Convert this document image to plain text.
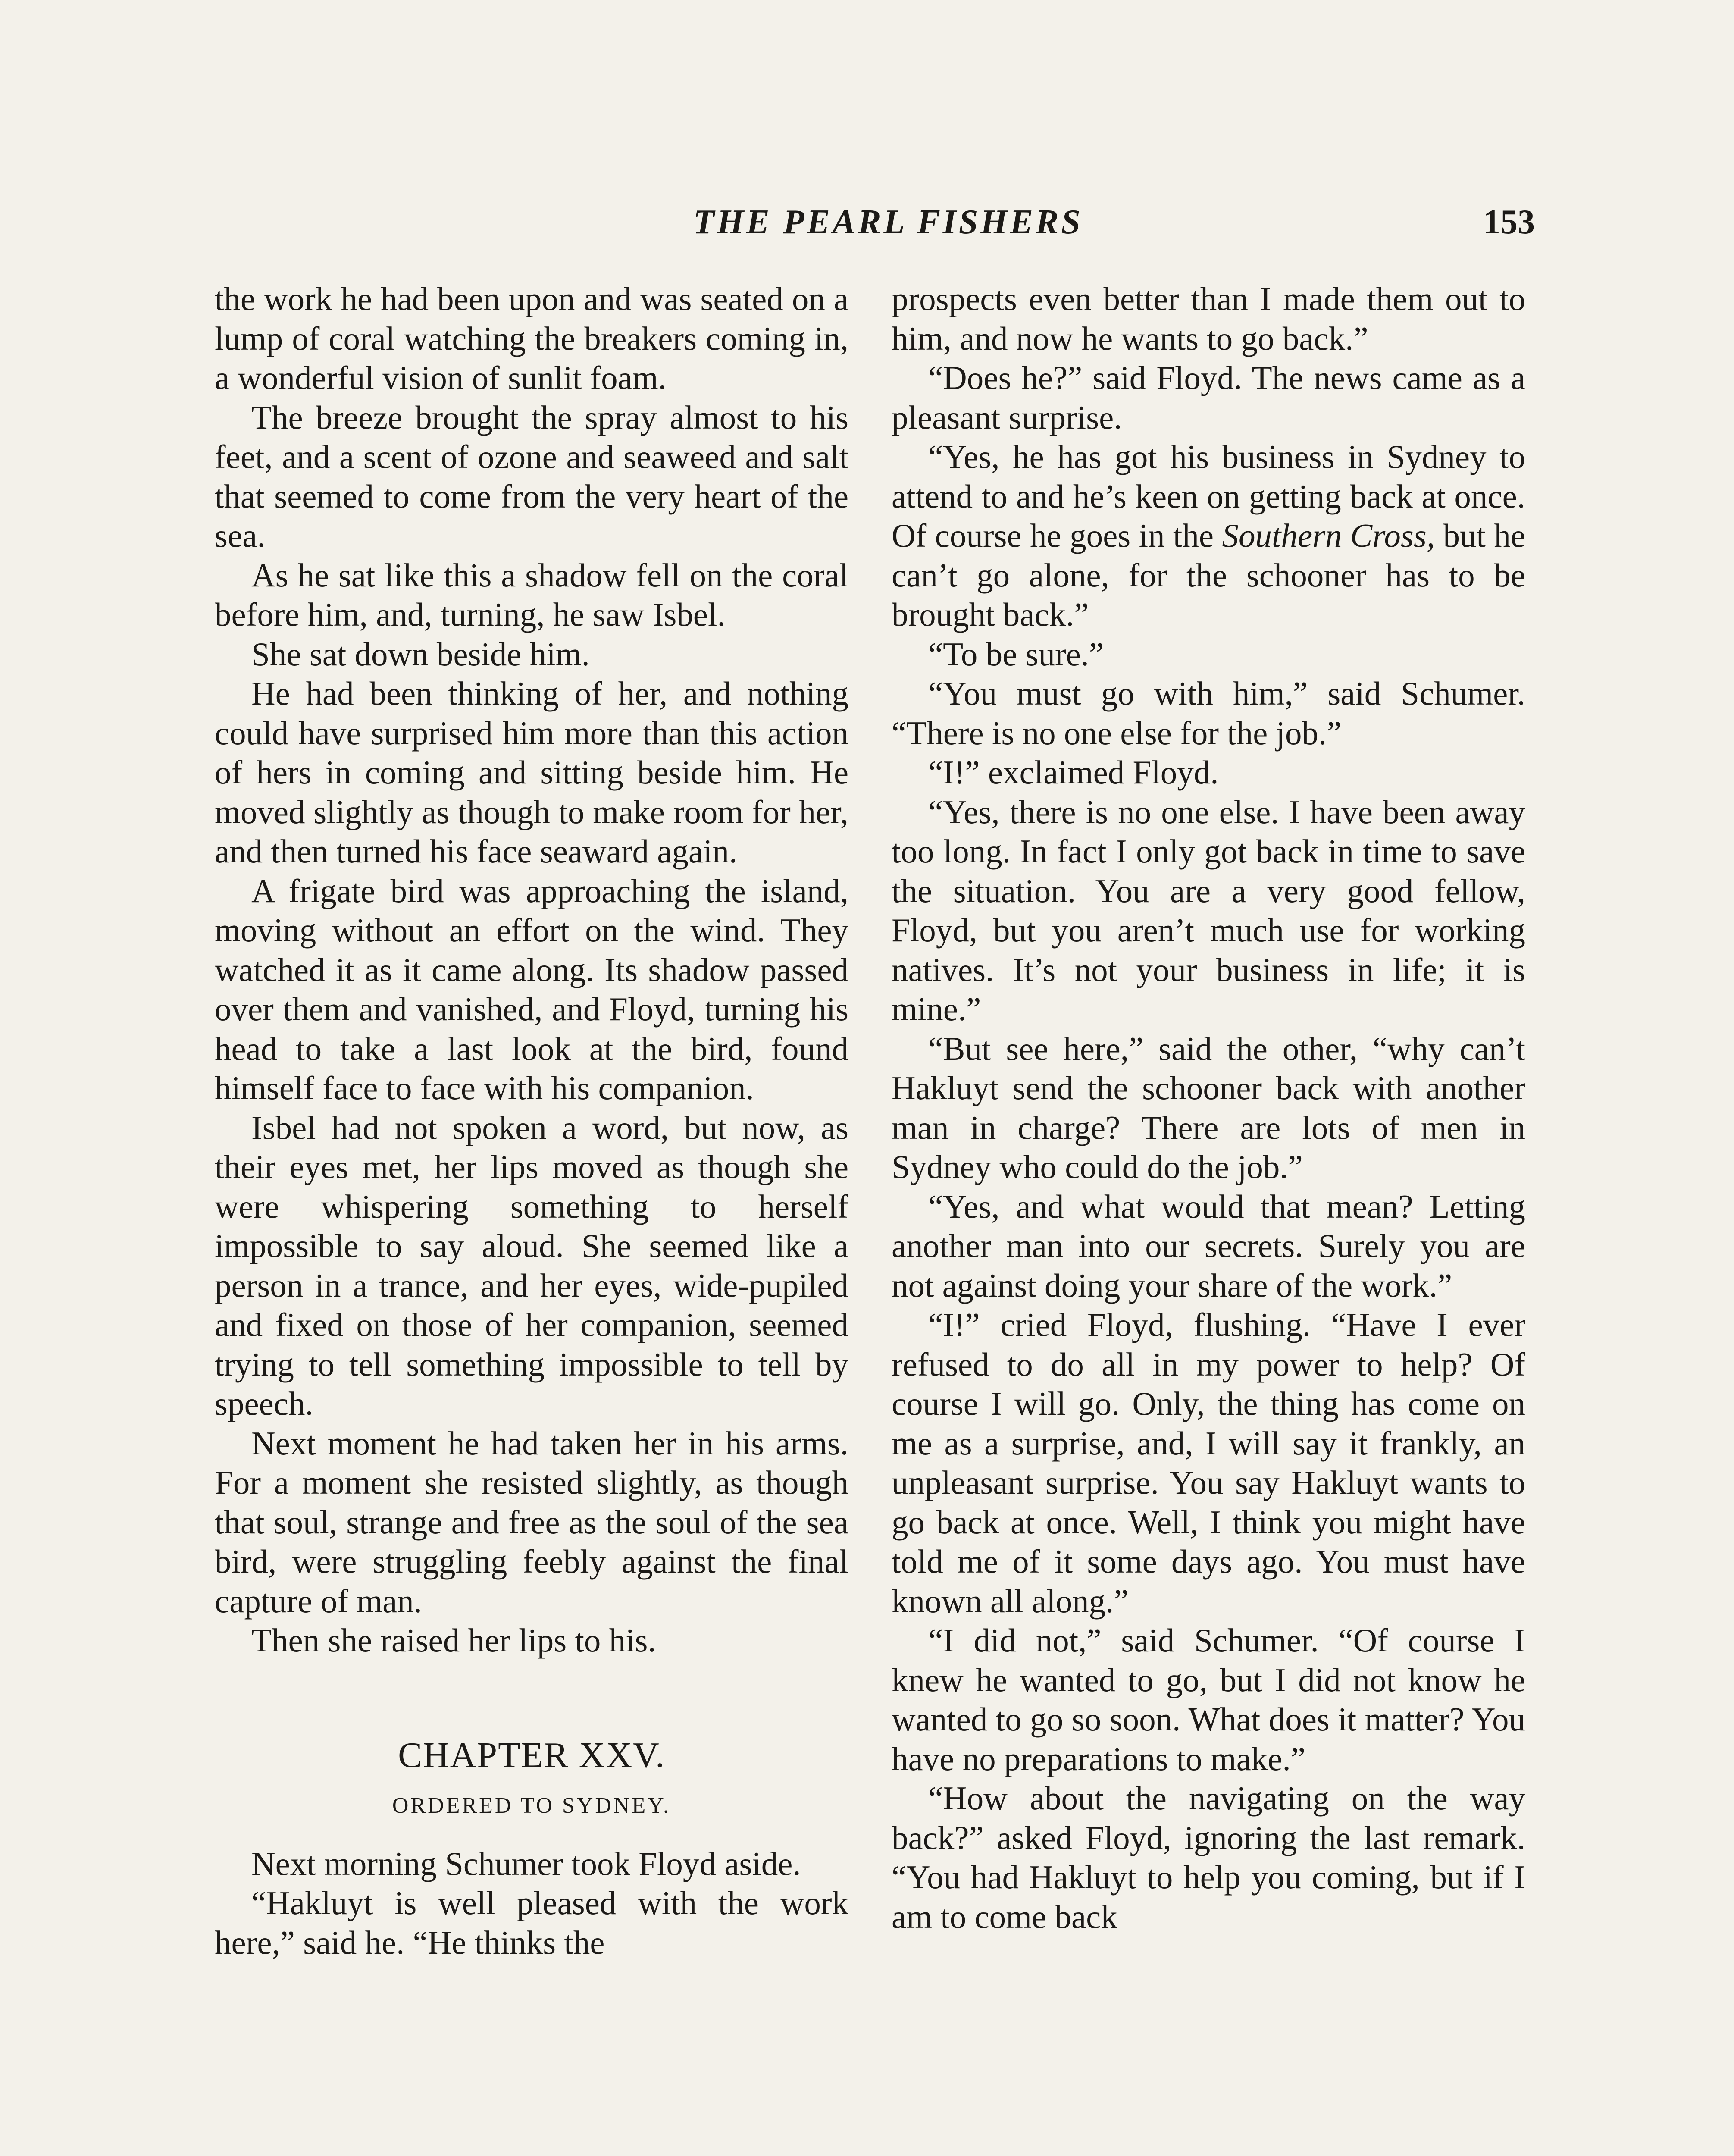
THE PEARL FISHERS	153

the work he had been upon and was seated on a lump of coral watching the breakers coming in, a wonderful vision of sunlit foam.

The breeze brought the spray almost to his feet, and a scent of ozone and seaweed and salt that seemed to come from the very heart of the sea.

As he sat like this a shadow fell on the coral before him, and, turning, he saw Isbel.

She sat down beside him.

He had been thinking of her, and nothing could have surprised him more than this action of hers in coming and sitting beside him. He moved slightly as though to make room for her, and then turned his face seaward again.

A frigate bird was approaching the island, moving without an effort on the wind. They watched it as it came along. Its shadow passed over them and vanished, and Floyd, turning his head to take a last look at the bird, found himself face to face with his companion.

Isbel had not spoken a word, but now, as their eyes met, her lips moved as though she were whispering something to herself impossible to say aloud. She seemed like a person in a trance, and her eyes, wide-pupiled and fixed on those of her companion, seemed trying to tell something impossible to tell by speech.

Next moment he had taken her in his arms. For a moment she resisted slightly, as though that soul, strange and free as the soul of the sea bird, were struggling feebly against the final capture of man.

Then she raised her lips to his.

CHAPTER XXV.

ORDERED TO SYDNEY.

Next morning Schumer took Floyd aside.

“Hakluyt is well pleased with the work here,” said he. “He thinks the

prospects even better than I made them out to him, and now he wants to go back.”

“Does he?” said Floyd. The news came as a pleasant surprise.

“Yes, he has got his business in Sydney to attend to and he’s keen on getting back at once. Of course he goes in the Southern Cross, but he can’t go alone, for the schooner has to be brought back.”

“To be sure.”

“You must go with him,” said Schumer. “There is no one else for the job.”

“I!” exclaimed Floyd.

“Yes, there is no one else. I have been away too long. In fact I only got back in time to save the situation. You are a very good fellow, Floyd, but you aren’t much use for working natives. It’s not your business in life; it is mine.”

“But see here,” said the other, “why can’t Hakluyt send the schooner back with another man in charge? There are lots of men in Sydney who could do the job.”

“Yes, and what would that mean? Letting another man into our secrets. Surely you are not against doing your share of the work.”

“I!” cried Floyd, flushing. “Have I ever refused to do all in my power to help? Of course I will go. Only, the thing has come on me as a surprise, and, I will say it frankly, an unpleasant surprise. You say Hakluyt wants to go back at once. Well, I think you might have told me of it some days ago. You must have known all along.”

“I did not,” said Schumer. “Of course I knew he wanted to go, but I did not know he wanted to go so soon. What does it matter? You have no preparations to make.”

“How about the navigating on the way back?” asked Floyd, ignoring the last remark. “You had Hakluyt to help you coming, but if I am to come back
